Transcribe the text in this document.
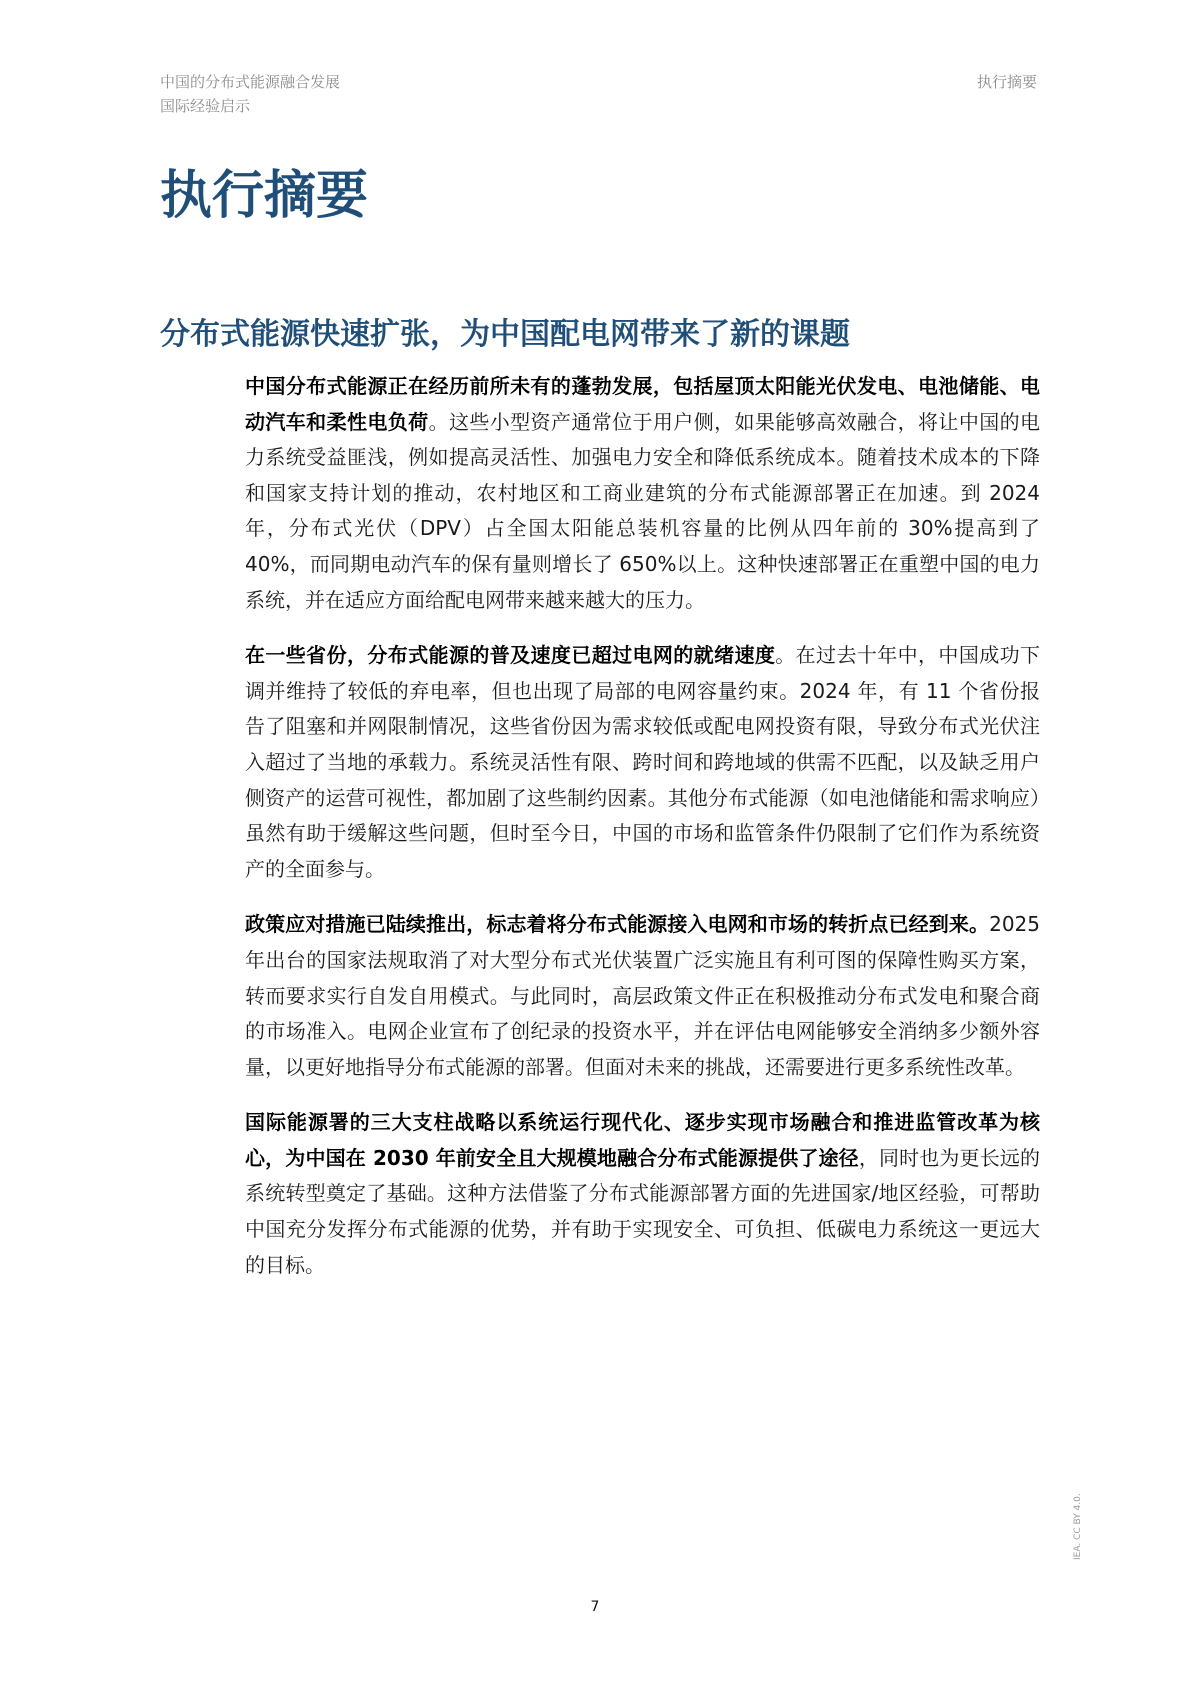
中国的分布式能源融合发展
国际经验启示
执行摘要
执行摘要
分布式能源快速扩张，为中国配电网带来了新的课题

中国分布式能源正在经历前所未有的蓬勃发展，包括屋顶太阳能光伏发电、电池储能、电动汽车和柔性电负荷。这些小型资产通常位于用户侧，如果能够高效融合，将让中国的电力系统受益匪浅，例如提高灵活性、加强电力安全和降低系统成本。随着技术成本的下降和国家支持计划的推动，农村地区和工商业建筑的分布式能源部署正在加速。到 2024 年，分布式光伏（DPV）占全国太阳能总装机容量的比例从四年前的 30%提高到了 40%，而同期电动汽车的保有量则增长了 650%以上。这种快速部署正在重塑中国的电力系统，并在适应方面给配电网带来越来越大的压力。

在一些省份，分布式能源的普及速度已超过电网的就绪速度。在过去十年中，中国成功下调并维持了较低的弃电率，但也出现了局部的电网容量约束。2024 年，有 11 个省份报告了阻塞和并网限制情况，这些省份因为需求较低或配电网投资有限，导致分布式光伏注入超过了当地的承载力。系统灵活性有限、跨时间和跨地域的供需不匹配，以及缺乏用户侧资产的运营可视性，都加剧了这些制约因素。其他分布式能源（如电池储能和需求响应）虽然有助于缓解这些问题，但时至今日，中国的市场和监管条件仍限制了它们作为系统资产的全面参与。

政策应对措施已陆续推出，标志着将分布式能源接入电网和市场的转折点已经到来。2025 年出台的国家法规取消了对大型分布式光伏装置广泛实施且有利可图的保障性购买方案，转而要求实行自发自用模式。与此同时，高层政策文件正在积极推动分布式发电和聚合商的市场准入。电网企业宣布了创纪录的投资水平，并在评估电网能够安全消纳多少额外容量，以更好地指导分布式能源的部署。但面对未来的挑战，还需要进行更多系统性改革。

国际能源署的三大支柱战略以系统运行现代化、逐步实现市场融合和推进监管改革为核心，为中国在 2030 年前安全且大规模地融合分布式能源提供了途径，同时也为更长远的系统转型奠定了基础。这种方法借鉴了分布式能源部署方面的先进国家/地区经验，可帮助中国充分发挥分布式能源的优势，并有助于实现安全、可负担、低碳电力系统这一更远大的目标。

7
IEA. CC BY 4.0.
